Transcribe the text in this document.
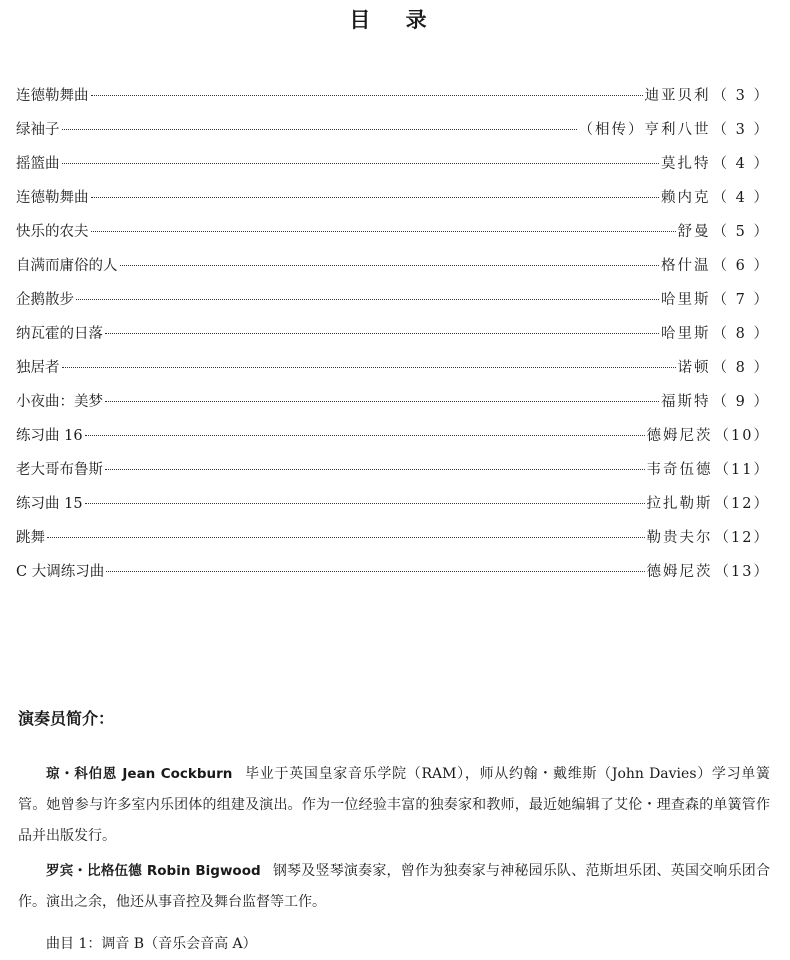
目 录
连德勒舞曲	迪亚贝利 （ 3 ）
绿袖子	（相传）亨利八世 （ 3 ）
摇篮曲	莫扎特 （ 4 ）
连德勒舞曲	赖内克 （ 4 ）
快乐的农夫	舒曼 （ 5 ）
自满而庸俗的人	格什温 （ 6 ）
企鹅散步	哈里斯 （ 7 ）
纳瓦霍的日落	哈里斯 （ 8 ）
独居者	诺顿 （ 8 ）
小夜曲：美梦	福斯特 （ 9 ）
练习曲 16	德姆尼茨 （10）
老大哥布鲁斯	韦奇伍德 （11）
练习曲 15	拉扎勒斯 （12）
跳舞	勒贵夫尔 （12）
C 大调练习曲	德姆尼茨 （13）
演奏员简介：

琼・科伯恩 Jean Cockburn 毕业于英国皇家音乐学院（RAM），师从约翰・戴维斯（John Davies）学习单簧管。她曾参与许多室内乐团体的组建及演出。作为一位经验丰富的独奏家和教师，最近她编辑了艾伦・理查森的单簧管作品并出版发行。

罗宾・比格伍德 Robin Bigwood 钢琴及竖琴演奏家，曾作为独奏家与神秘园乐队、范斯坦乐团、英国交响乐团合作。演出之余，他还从事音控及舞台监督等工作。

曲目 1：调音 B（音乐会音高 A）
